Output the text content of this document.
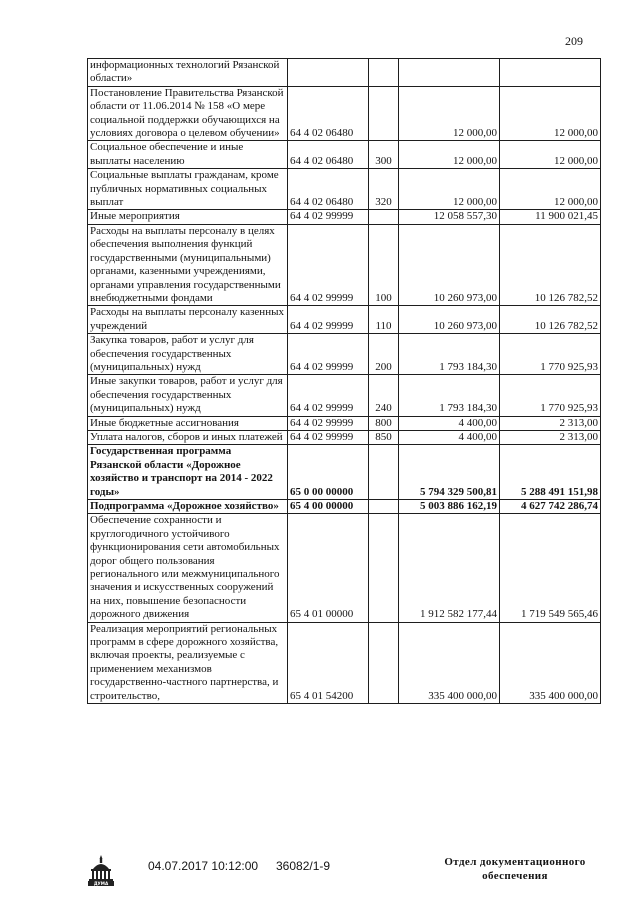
209
информационных технологий Рязанской области»				
Постановление Правительства Рязанской области от 11.06.2014 № 158 «О мере социальной поддержки обучающихся на условиях договора о целевом обучении»	64 4 02 06480		12 000,00	12 000,00
Социальное обеспечение и иные выплаты населению	64 4 02 06480	300	12 000,00	12 000,00
Социальные выплаты гражданам, кроме публичных нормативных социальных выплат	64 4 02 06480	320	12 000,00	12 000,00
Иные мероприятия	64 4 02 99999		12 058 557,30	11 900 021,45
Расходы на выплаты персоналу в целях обеспечения выполнения функций государственными (муниципальными) органами, казенными учреждениями, органами управления государственными внебюджетными фондами	64 4 02 99999	100	10 260 973,00	10 126 782,52
Расходы на выплаты персоналу казенных учреждений	64 4 02 99999	110	10 260 973,00	10 126 782,52
Закупка товаров, работ и услуг для обеспечения государственных (муниципальных) нужд	64 4 02 99999	200	1 793 184,30	1 770 925,93
Иные закупки товаров, работ и услуг для обеспечения государственных (муниципальных) нужд	64 4 02 99999	240	1 793 184,30	1 770 925,93
Иные бюджетные ассигнования	64 4 02 99999	800	4 400,00	2 313,00
Уплата налогов, сборов и иных платежей	64 4 02 99999	850	4 400,00	2 313,00
Государственная программа Рязанской области «Дорожное хозяйство и транспорт на 2014 - 2022 годы»	65 0 00 00000		5 794 329 500,81	5 288 491 151,98
Подпрограмма «Дорожное хозяйство»	65 4 00 00000		5 003 886 162,19	4 627 742 286,74
Обеспечение сохранности и круглогодичного устойчивого функционирования сети автомобильных дорог общего пользования регионального или межмуниципального значения и искусственных сооружений на них, повышение безопасности дорожного движения	65 4 01 00000		1 912 582 177,44	1 719 549 565,46
Реализация мероприятий региональных программ в сфере дорожного хозяйства, включая проекты, реализуемые с применением механизмов государственно-частного партнерства, и строительство,	65 4 01 54200		335 400 000,00	335 400 000,00
ДУМА
04.07.2017 10:12:00 36082/1-9	Отдел документационного обеспечения
